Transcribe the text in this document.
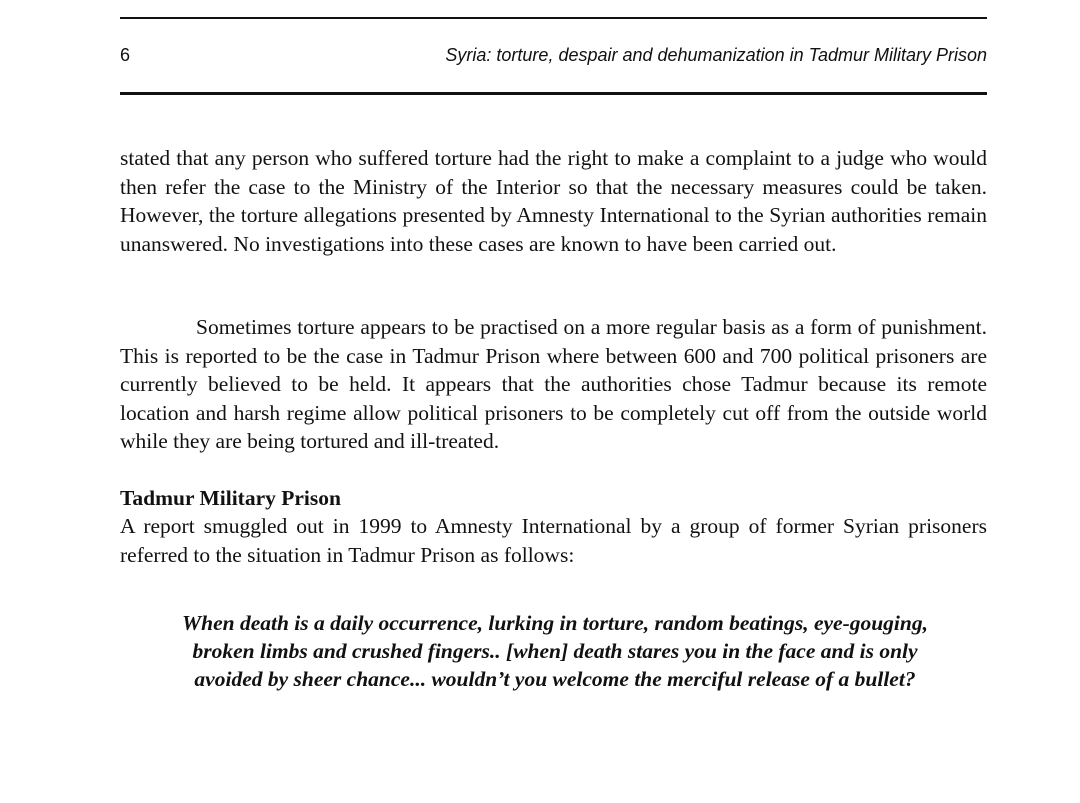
6	Syria: torture, despair and dehumanization in Tadmur Military Prison

stated that any person who suffered torture had the right to make a complaint to a judge who would then refer the case to the Ministry of the Interior so that the necessary measures could be taken. However, the torture allegations presented by Amnesty International to the Syrian authorities remain unanswered. No investigations into these cases are known to have been carried out.

Sometimes torture appears to be practised on a more regular basis as a form of punishment. This is reported to be the case in Tadmur Prison where between 600 and 700 political prisoners are currently believed to be held. It appears that the authorities chose Tadmur because its remote location and harsh regime allow political prisoners to be completely cut off from the outside world while they are being tortured and ill-treated.

Tadmur Military Prison

A report smuggled out in 1999 to Amnesty International by a group of former Syrian prisoners referred to the situation in Tadmur Prison as follows:

When death is a daily occurrence, lurking in torture, random beatings, eye-gouging, broken limbs and crushed fingers.. [when] death stares you in the face and is only avoided by sheer chance... wouldn’t you welcome the merciful release of a bullet?
